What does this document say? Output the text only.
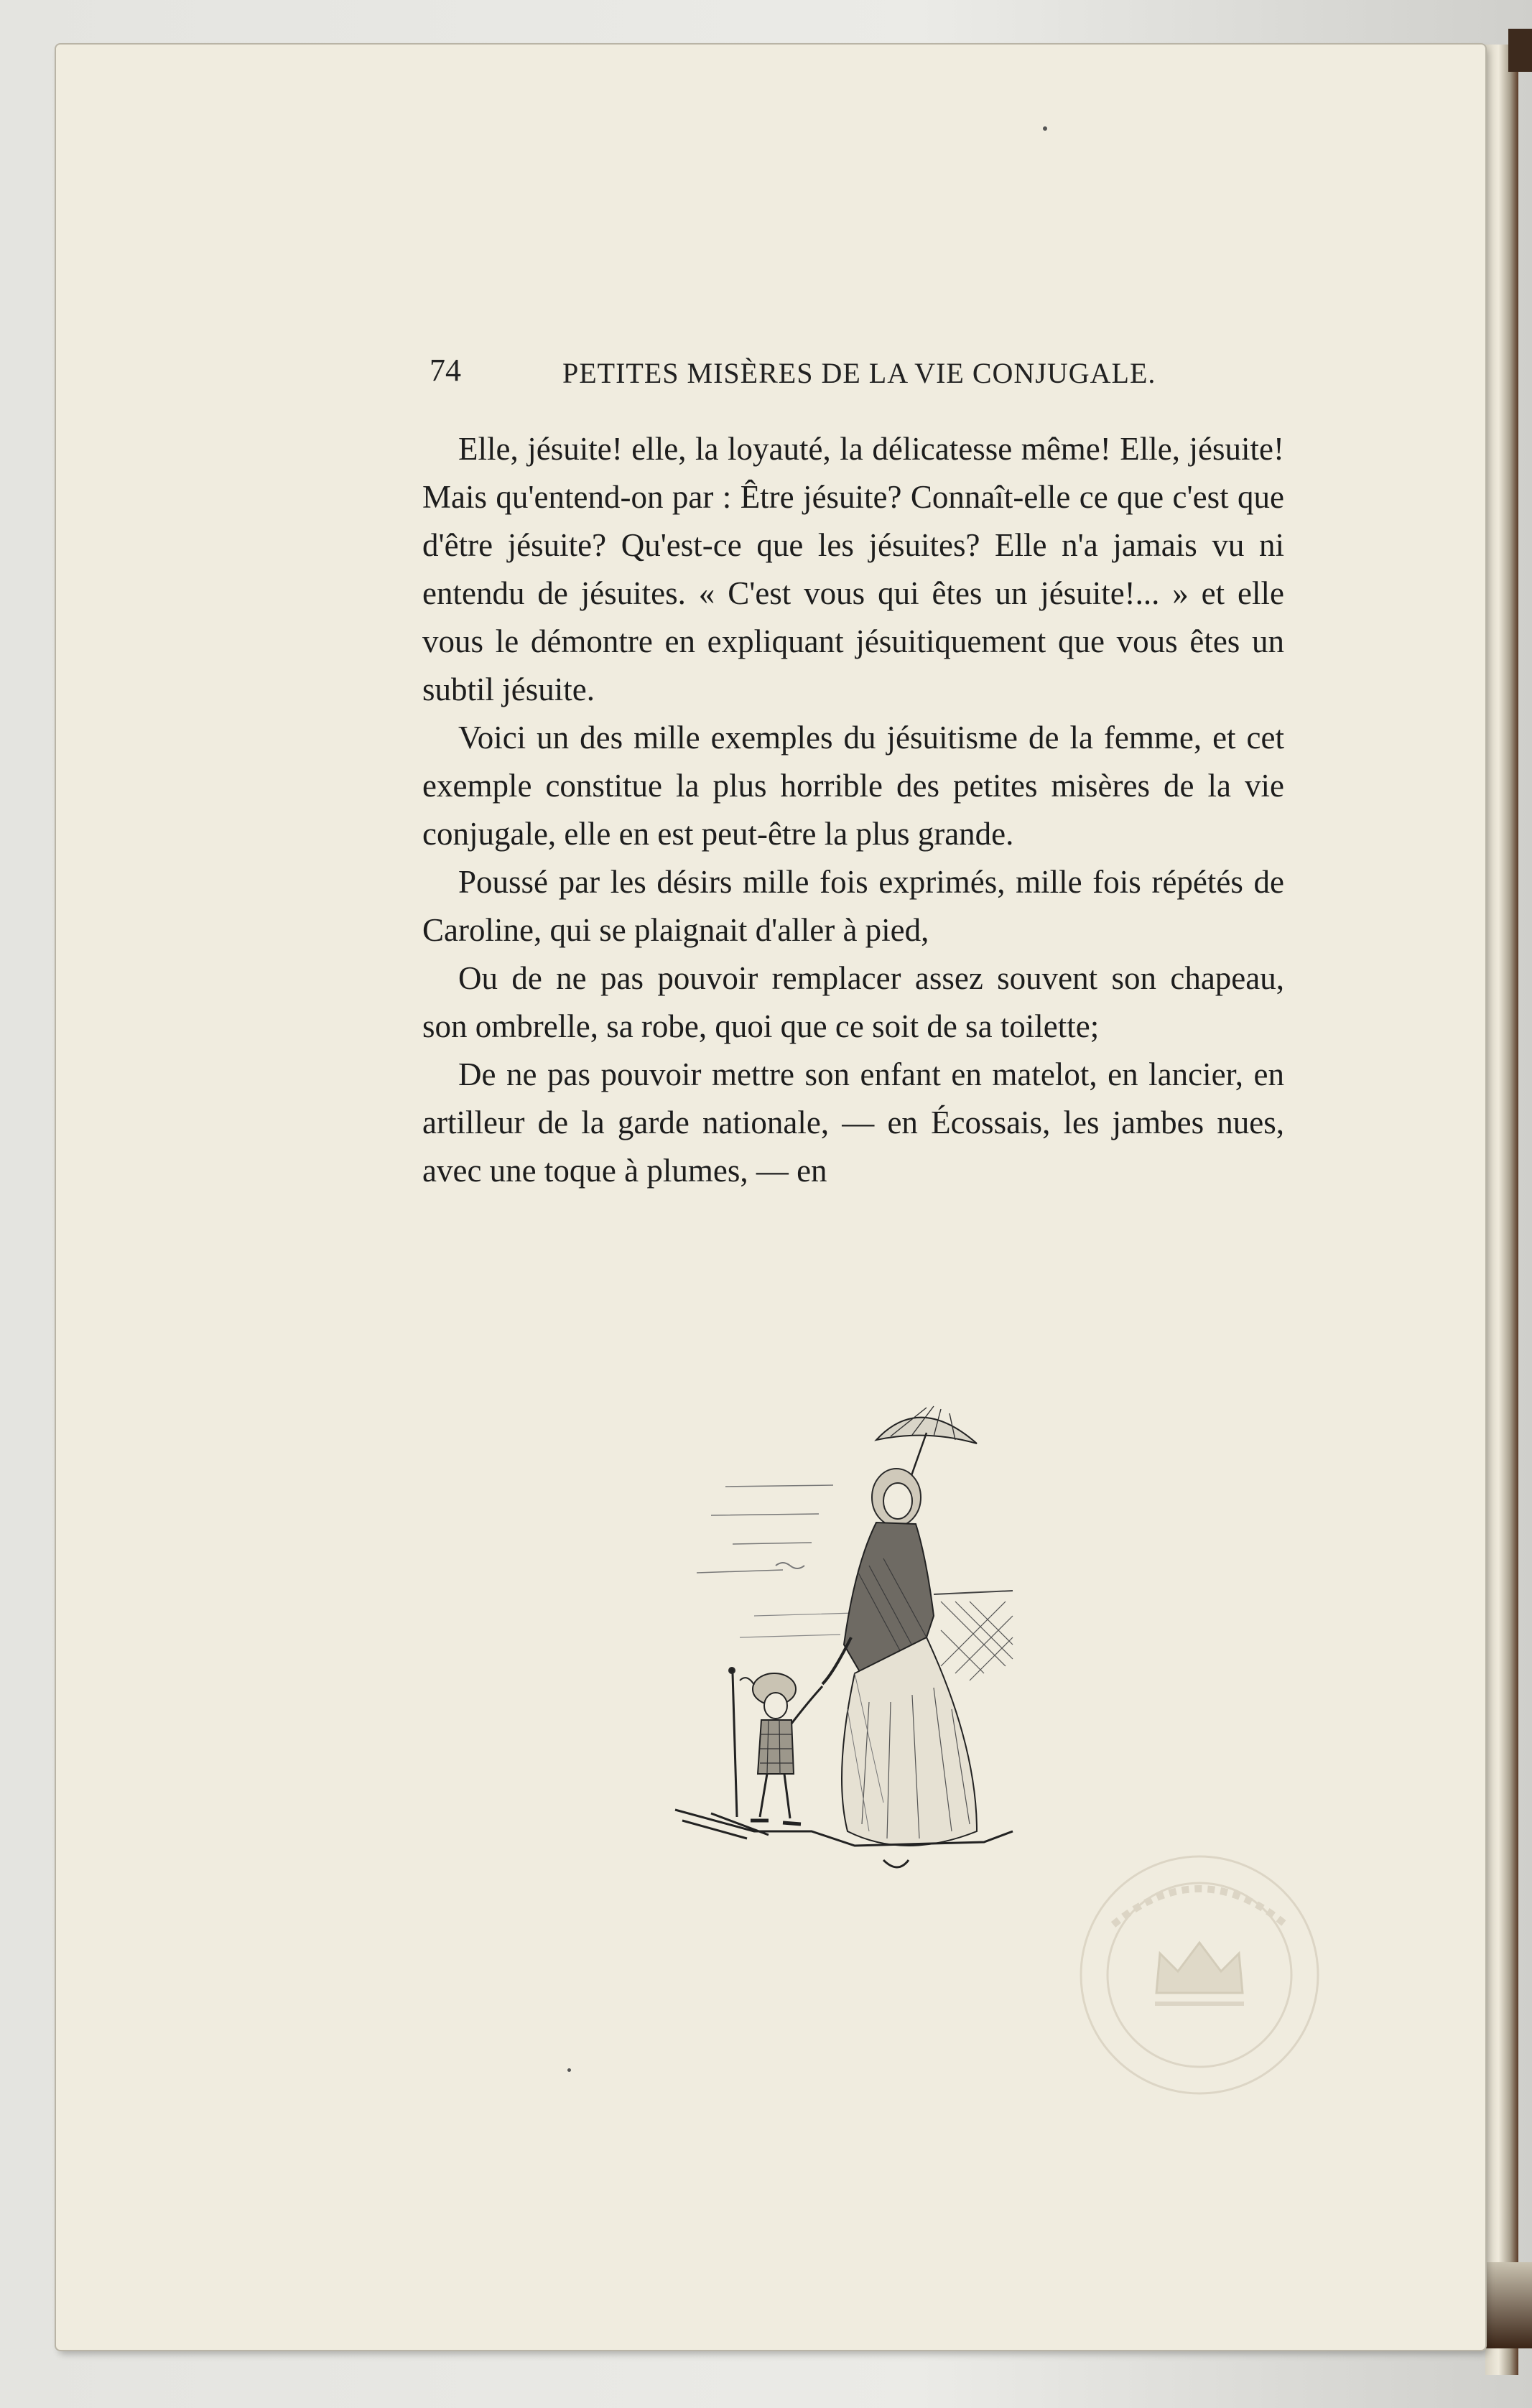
74	PETITES MISÈRES DE LA VIE CONJUGALE.

Elle, jésuite! elle, la loyauté, la délicatesse même! Elle, jésuite! Mais qu'entend-on par : Être jésuite? Connaît-elle ce que c'est que d'être jésuite? Qu'est-ce que les jésuites? Elle n'a jamais vu ni entendu de jésuites. « C'est vous qui êtes un jésuite!... » et elle vous le démontre en expliquant jésuitiquement que vous êtes un subtil jésuite.

Voici un des mille exemples du jésuitisme de la femme, et cet exemple constitue la plus horrible des petites misères de la vie conjugale, elle en est peut-être la plus grande.

Poussé par les désirs mille fois exprimés, mille fois répétés de Caroline, qui se plaignait d'aller à pied,

Ou de ne pas pouvoir remplacer assez souvent son chapeau, son ombrelle, sa robe, quoi que ce soit de sa toilette;

De ne pas pouvoir mettre son enfant en matelot, en lancier, en artilleur de la garde nationale, — en Écossais, les jambes nues, avec une toque à plumes, — en
